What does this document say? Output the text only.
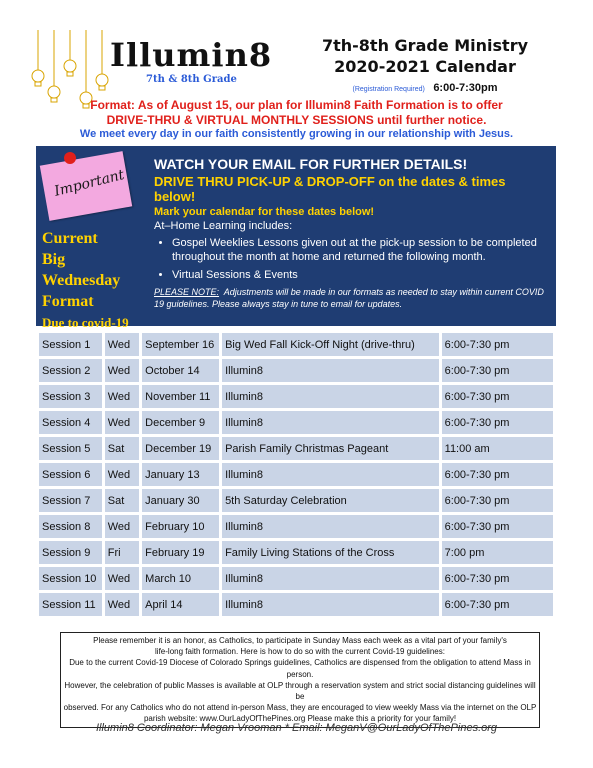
Illumin8
7th & 8th Grade
7th-8th Grade Ministry
2020-2021 Calendar
(Registration Required) 6:00-7:30pm
Format: As of August 15, our plan for Illumin8 Faith Formation is to offer
DRIVE-THRU & VIRTUAL MONTHLY SESSIONS until further notice.
We meet every day in our faith consistently growing in our relationship with Jesus.
Important
Current
Big Wednesday
Format
Due to covid-19
WATCH YOUR EMAIL FOR FURTHER DETAILS!
DRIVE THRU PICK-UP & DROP-OFF on the dates & times below!
Mark your calendar for these dates below!
At–Home Learning includes:
• Gospel Weeklies Lessons given out at the pick-up session to be completed throughout the month at home and returned the following month.
• Virtual Sessions & Events
PLEASE NOTE: Adjustments will be made in our formats as needed to stay within current COVID 19 guidelines. Please always stay in tune to email for updates.
Session 1	Wed	September 16	Big Wed Fall Kick-Off Night (drive-thru)	6:00-7:30 pm
Session 2	Wed	October 14	Illumin8	6:00-7:30 pm
Session 3	Wed	November 11	Illumin8	6:00-7:30 pm
Session 4	Wed	December 9	Illumin8	6:00-7:30 pm
Session 5	Sat	December 19	Parish Family Christmas Pageant	11:00 am
Session 6	Wed	January 13	Illumin8	6:00-7:30 pm
Session 7	Sat	January 30	5th Saturday Celebration	6:00-7:30 pm
Session 8	Wed	February 10	Illumin8	6:00-7:30 pm
Session 9	Fri	February 19	Family Living Stations of the Cross	7:00 pm
Session 10	Wed	March 10	Illumin8	6:00-7:30 pm
Session 11	Wed	April 14	Illumin8	6:00-7:30 pm
Please remember it is an honor, as Catholics, to participate in Sunday Mass each week as a vital part of your family's
life-long faith formation. Here is how to do so with the current Covid-19 guidelines:
Due to the current Covid-19 Diocese of Colorado Springs guidelines, Catholics are dispensed from the obligation to attend Mass in person.
However, the celebration of public Masses is available at OLP through a reservation system and strict social distancing guidelines will be
observed. For any Catholics who do not attend in-person Mass, they are encouraged to view weekly Mass via the internet on the OLP
parish website: www.OurLadyOfThePines.org Please make this a priority for your family!
Illumin8 Coordinator: Megan Vrooman * Email: MeganV@OurLadyOfThePines.org
